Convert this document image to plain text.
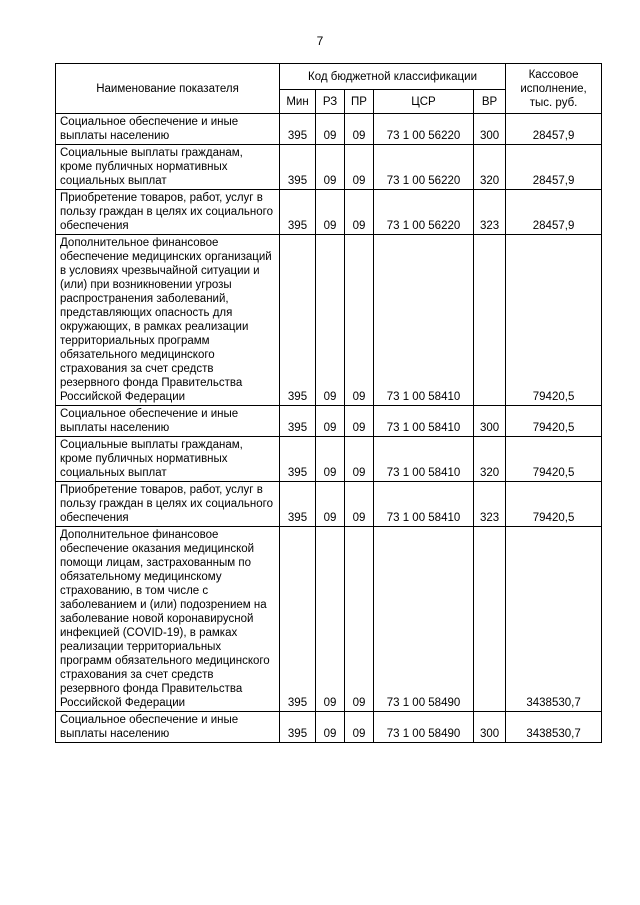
7
Наименование показателя	Код бюджетной классификации					Кассовое исполнение, тыс. руб.
	Мин	РЗ	ПР	ЦСР	ВР	
Социальное обеспечение и иные выплаты населению	395	09	09	73 1 00 56220	300	28457,9
Социальные выплаты гражданам, кроме публичных нормативных социальных выплат	395	09	09	73 1 00 56220	320	28457,9
Приобретение товаров, работ, услуг в пользу граждан в целях их социального обеспечения	395	09	09	73 1 00 56220	323	28457,9
Дополнительное финансовое обеспечение медицинских организаций в условиях чрезвычайной ситуации и (или) при возникновении угрозы распространения заболеваний, представляющих опасность для окружающих, в рамках реализации территориальных программ обязательного медицинского страхования за счет средств резервного фонда Правительства Российской Федерации	395	09	09	73 1 00 58410		79420,5
Социальное обеспечение и иные выплаты населению	395	09	09	73 1 00 58410	300	79420,5
Социальные выплаты гражданам, кроме публичных нормативных социальных выплат	395	09	09	73 1 00 58410	320	79420,5
Приобретение товаров, работ, услуг в пользу граждан в целях их социального обеспечения	395	09	09	73 1 00 58410	323	79420,5
Дополнительное финансовое обеспечение оказания медицинской помощи лицам, застрахованным по обязательному медицинскому страхованию, в том числе с заболеванием и (или) подозрением на заболевание новой коронавирусной инфекцией (COVID-19), в рамках реализации территориальных программ обязательного медицинского страхования за счет средств резервного фонда Правительства Российской Федерации	395	09	09	73 1 00 58490		3438530,7
Социальное обеспечение и иные выплаты населению	395	09	09	73 1 00 58490	300	3438530,7
